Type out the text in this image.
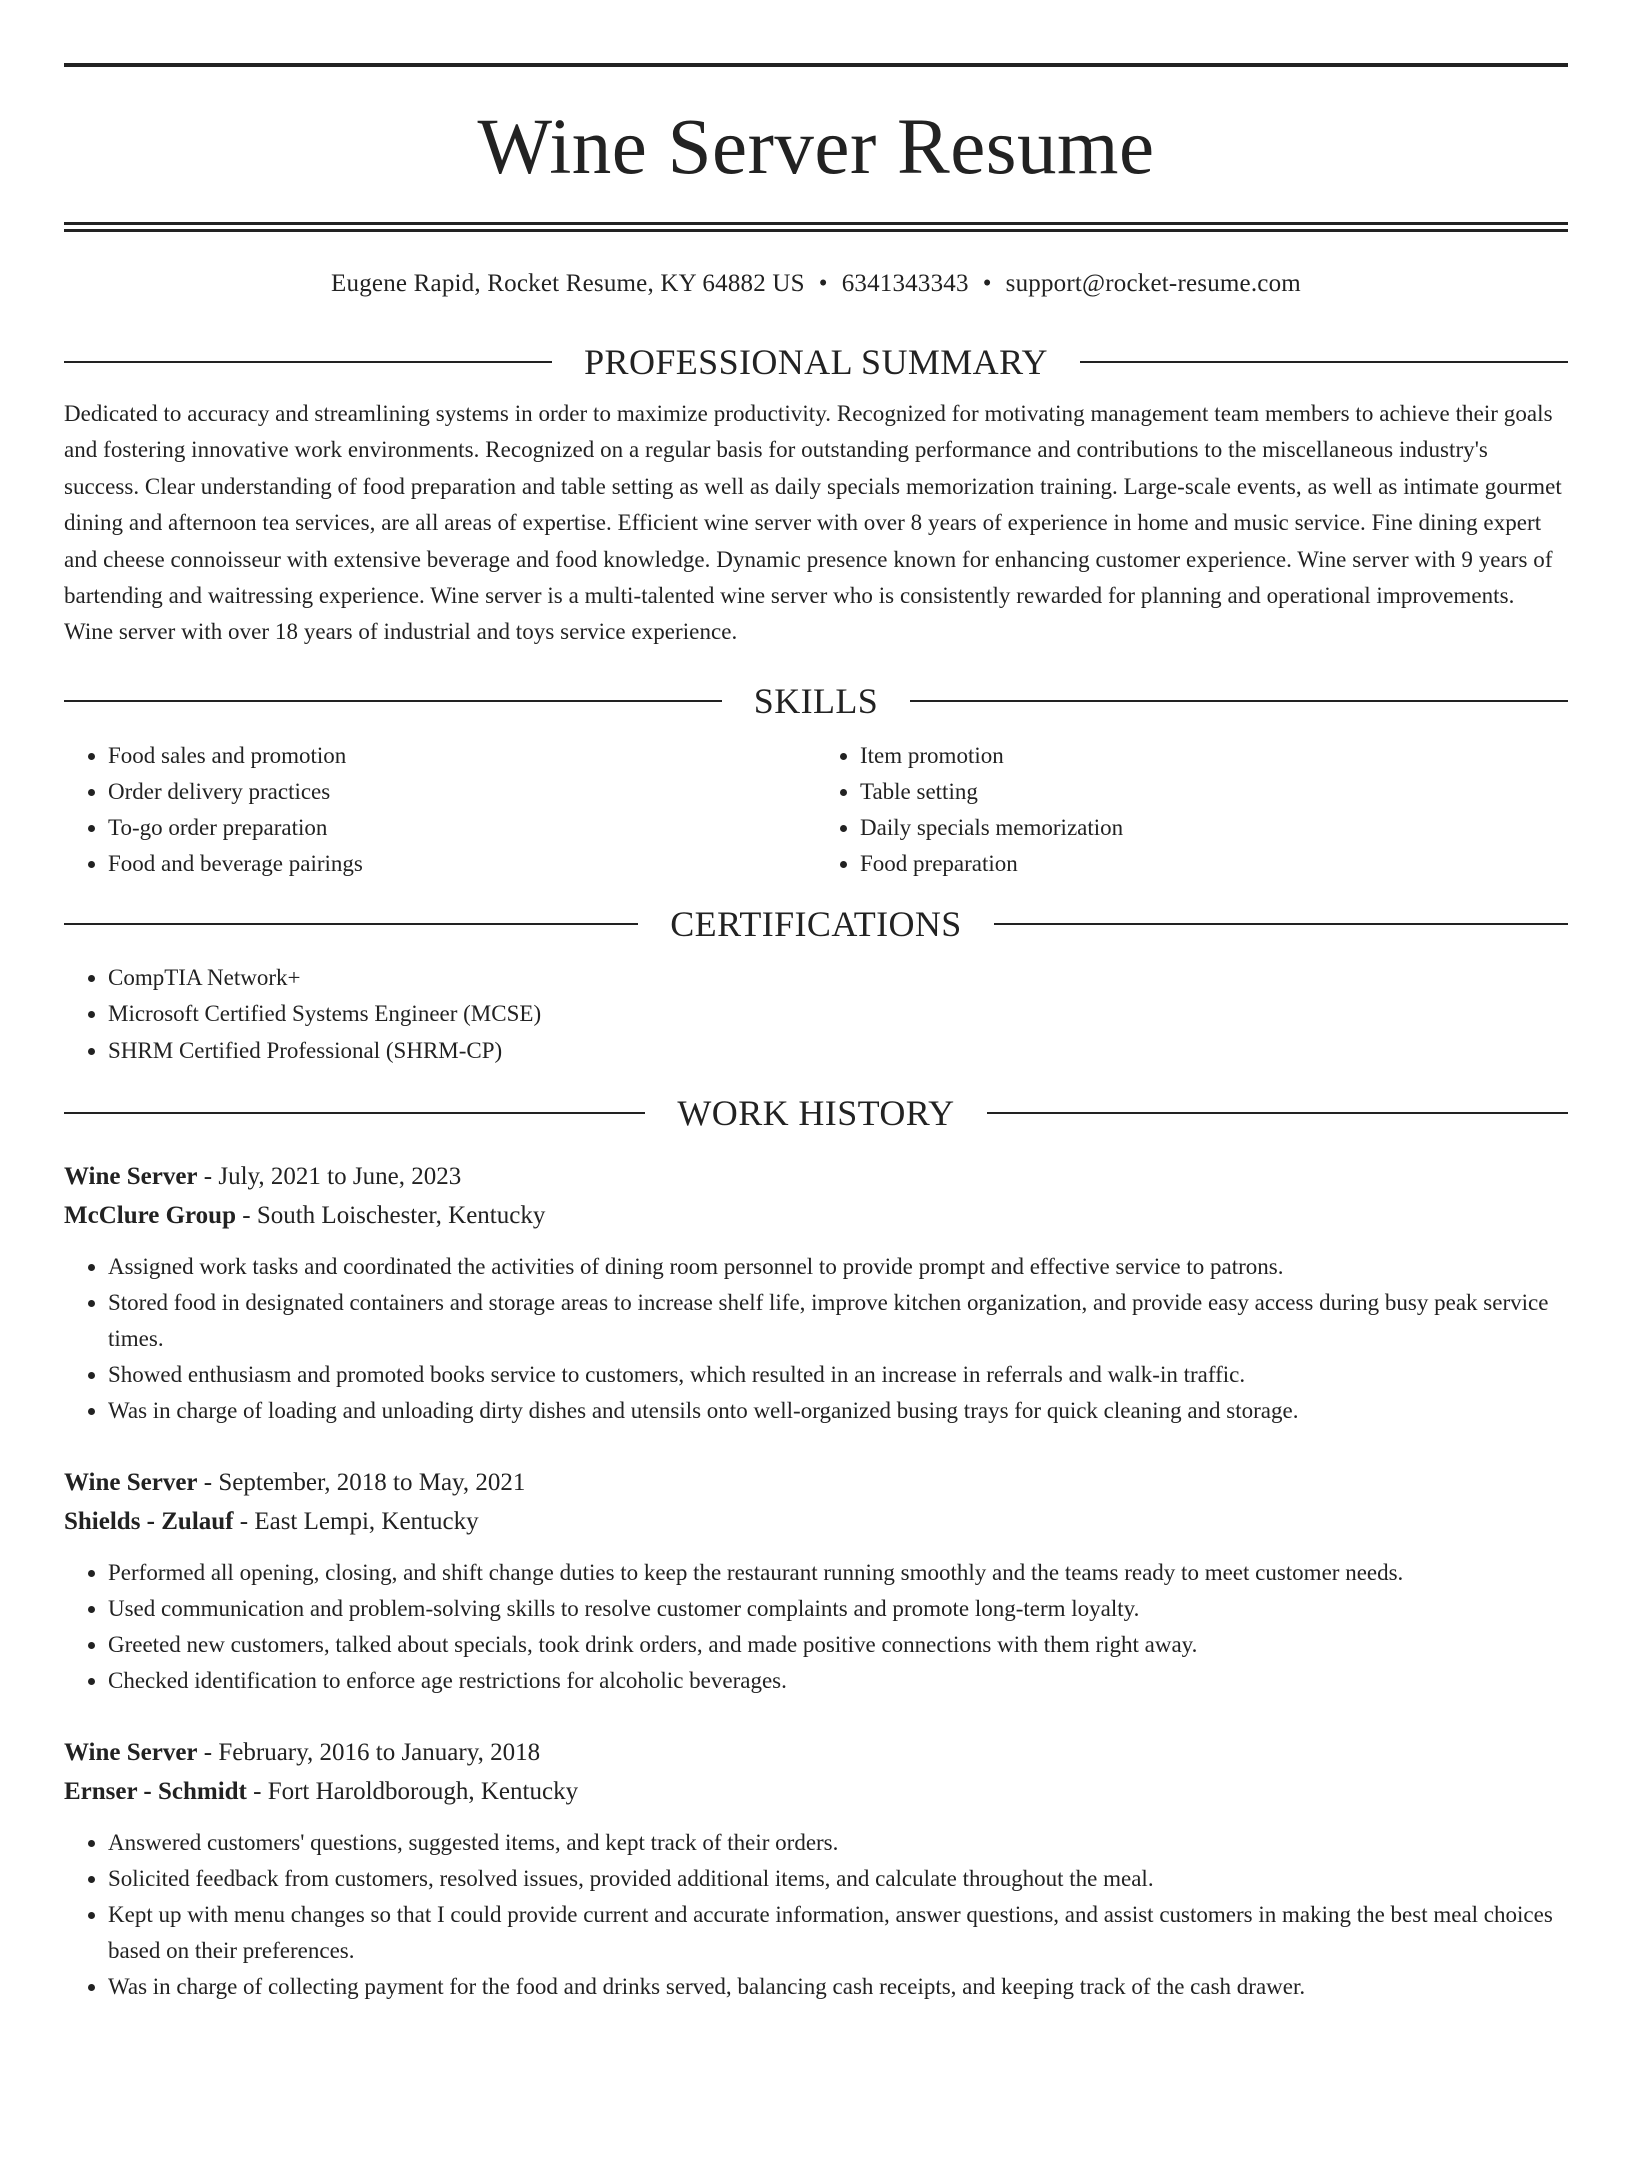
Wine Server Resume
Eugene Rapid, Rocket Resume, KY 64882 US • 6341343343 • support@rocket-resume.com
PROFESSIONAL SUMMARY

Dedicated to accuracy and streamlining systems in order to maximize productivity. Recognized for motivating management team members to achieve their goals and fostering innovative work environments. Recognized on a regular basis for outstanding performance and contributions to the miscellaneous industry's success. Clear understanding of food preparation and table setting as well as daily specials memorization training. Large-scale events, as well as intimate gourmet dining and afternoon tea services, are all areas of expertise. Efficient wine server with over 8 years of experience in home and music service. Fine dining expert and cheese connoisseur with extensive beverage and food knowledge. Dynamic presence known for enhancing customer experience. Wine server with 9 years of bartending and waitressing experience. Wine server is a multi-talented wine server who is consistently rewarded for planning and operational improvements. Wine server with over 18 years of industrial and toys service experience.

SKILLS
• Food sales and promotion
• Order delivery practices
• To-go order preparation
• Food and beverage pairings
• Item promotion
• Table setting
• Daily specials memorization
• Food preparation
CERTIFICATIONS
• CompTIA Network+
• Microsoft Certified Systems Engineer (MCSE)
• SHRM Certified Professional (SHRM-CP)
WORK HISTORY

Wine Server - July, 2021 to June, 2023

McClure Group - South Loischester, Kentucky

• Assigned work tasks and coordinated the activities of dining room personnel to provide prompt and effective service to patrons.
• Stored food in designated containers and storage areas to increase shelf life, improve kitchen organization, and provide easy access during busy peak service times.
• Showed enthusiasm and promoted books service to customers, which resulted in an increase in referrals and walk-in traffic.
• Was in charge of loading and unloading dirty dishes and utensils onto well-organized busing trays for quick cleaning and storage.

Wine Server - September, 2018 to May, 2021

Shields - Zulauf - East Lempi, Kentucky

• Performed all opening, closing, and shift change duties to keep the restaurant running smoothly and the teams ready to meet customer needs.
• Used communication and problem-solving skills to resolve customer complaints and promote long-term loyalty.
• Greeted new customers, talked about specials, took drink orders, and made positive connections with them right away.
• Checked identification to enforce age restrictions for alcoholic beverages.

Wine Server - February, 2016 to January, 2018

Ernser - Schmidt - Fort Haroldborough, Kentucky

• Answered customers' questions, suggested items, and kept track of their orders.
• Solicited feedback from customers, resolved issues, provided additional items, and calculate throughout the meal.
• Kept up with menu changes so that I could provide current and accurate information, answer questions, and assist customers in making the best meal choices based on their preferences.
• Was in charge of collecting payment for the food and drinks served, balancing cash receipts, and keeping track of the cash drawer.
